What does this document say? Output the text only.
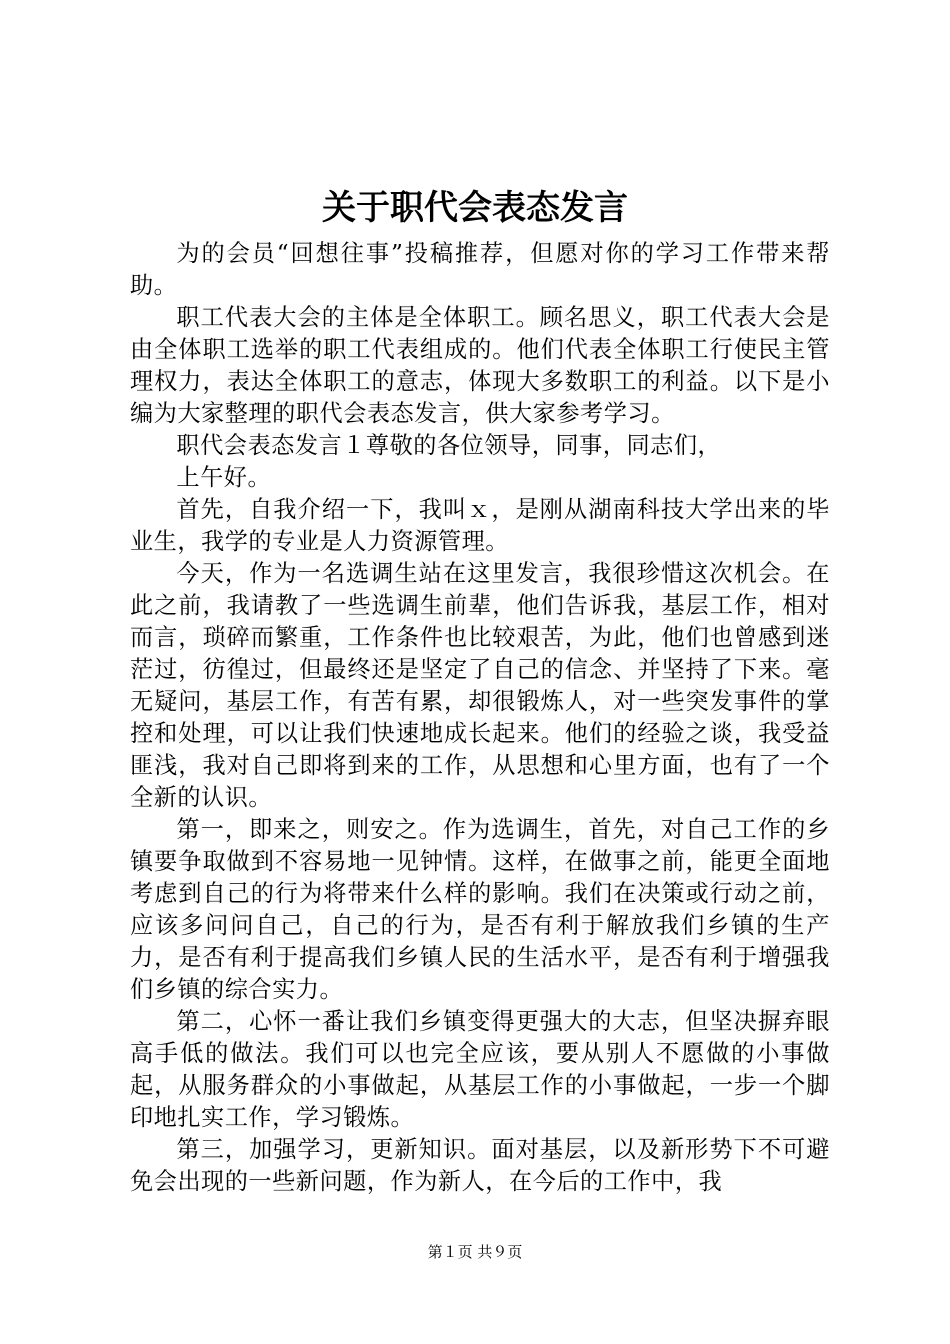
关于职代会表态发言

为的会员“回想往事”投稿推荐，但愿对你的学习工作带来帮助。

职工代表大会的主体是全体职工。顾名思义，职工代表大会是由全体职工选举的职工代表组成的。他们代表全体职工行使民主管理权力，表达全体职工的意志，体现大多数职工的利益。以下是小编为大家整理的职代会表态发言，供大家参考学习。

职代会表态发言１尊敬的各位领导，同事，同志们，

上午好。

首先，自我介绍一下，我叫ｘ，是刚从湖南科技大学出来的毕业生，我学的专业是人力资源管理。

今天，作为一名选调生站在这里发言，我很珍惜这次机会。在此之前，我请教了一些选调生前辈，他们告诉我，基层工作，相对而言，琐碎而繁重，工作条件也比较艰苦，为此，他们也曾感到迷茫过，彷徨过，但最终还是坚定了自己的信念、并坚持了下来。毫无疑问，基层工作，有苦有累，却很锻炼人，对一些突发事件的掌控和处理，可以让我们快速地成长起来。他们的经验之谈，我受益匪浅，我对自己即将到来的工作，从思想和心里方面，也有了一个全新的认识。

第一，即来之，则安之。作为选调生，首先，对自己工作的乡镇要争取做到不容易地一见钟情。这样，在做事之前，能更全面地考虑到自己的行为将带来什么样的影响。我们在决策或行动之前，应该多问问自己，自己的行为，是否有利于解放我们乡镇的生产力，是否有利于提高我们乡镇人民的生活水平，是否有利于增强我们乡镇的综合实力。

第二，心怀一番让我们乡镇变得更强大的大志，但坚决摒弃眼高手低的做法。我们可以也完全应该，要从别人不愿做的小事做起，从服务群众的小事做起，从基层工作的小事做起，一步一个脚印地扎实工作，学习锻炼。

第三，加强学习，更新知识。面对基层，以及新形势下不可避免会出现的一些新问题，作为新人，在今后的工作中，我

第１页 共９页
